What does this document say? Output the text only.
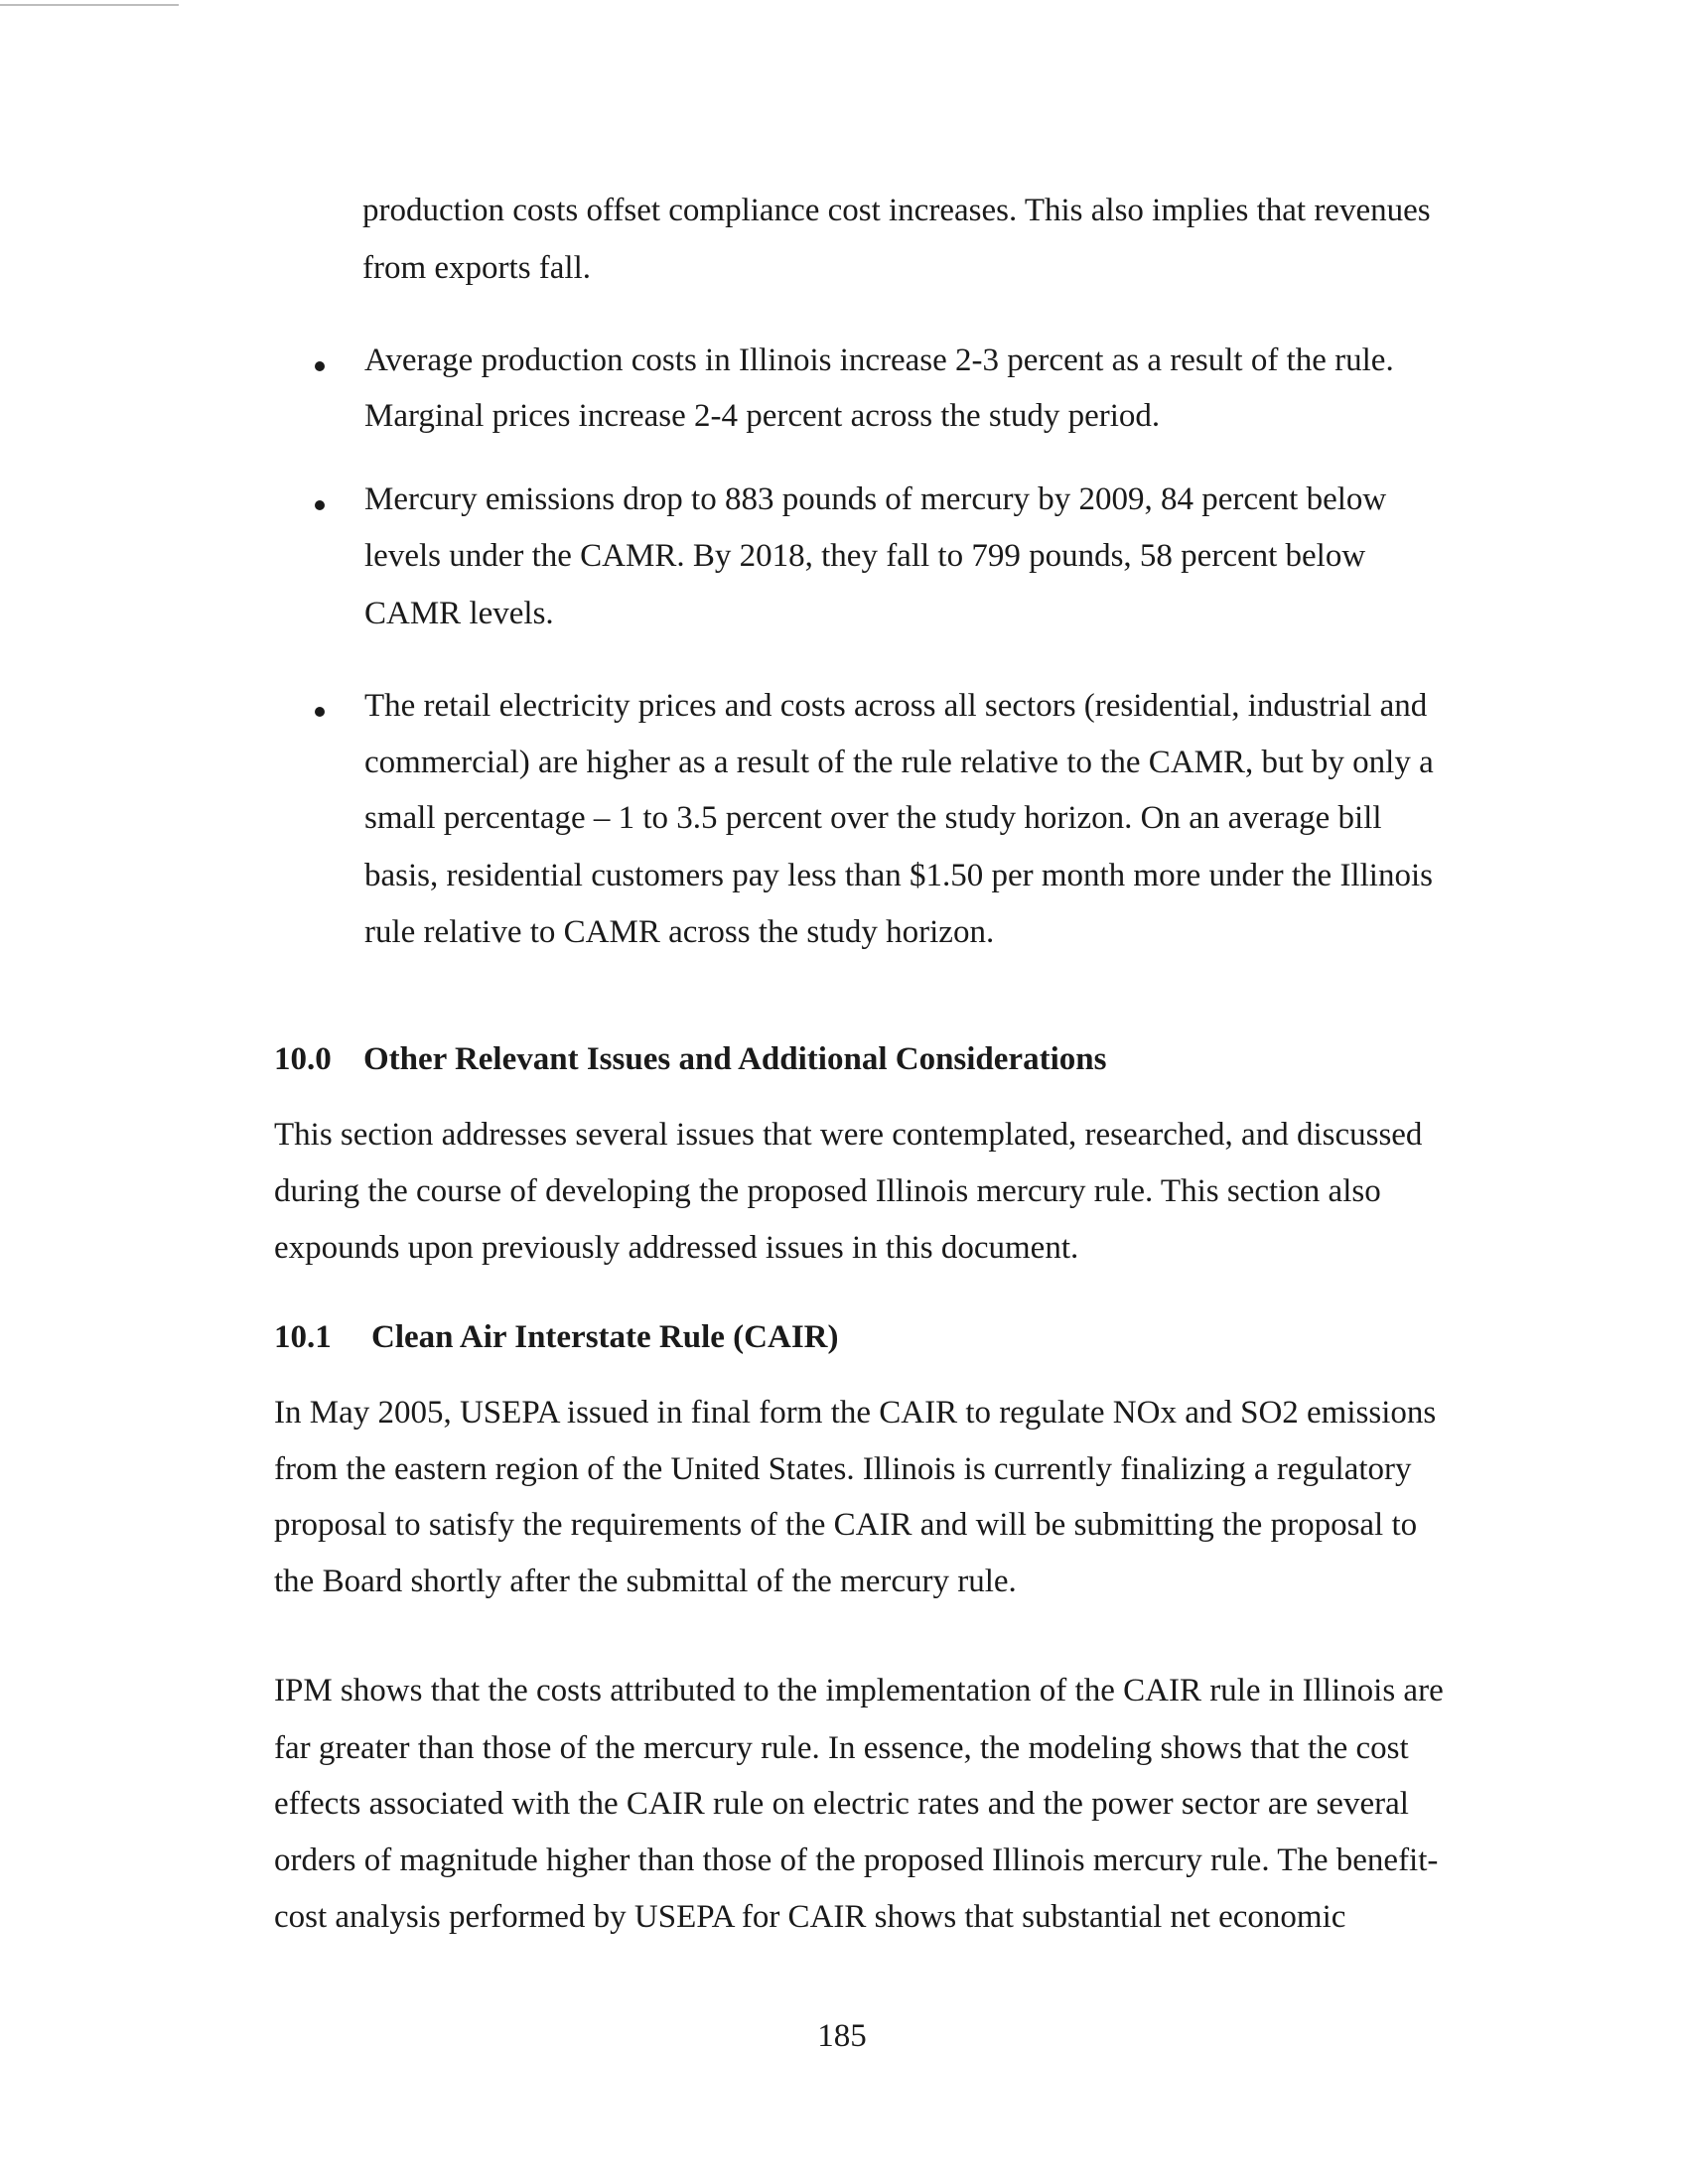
production costs offset compliance cost increases. This also implies that revenues
from exports fall.
Average production costs in Illinois increase 2-3 percent as a result of the rule.
Marginal prices increase 2-4 percent across the study period.
Mercury emissions drop to 883 pounds of mercury by 2009, 84 percent below
levels under the CAMR. By 2018, they fall to 799 pounds, 58 percent below
CAMR levels.
The retail electricity prices and costs across all sectors (residential, industrial and
commercial) are higher as a result of the rule relative to the CAMR, but by only a
small percentage – 1 to 3.5 percent over the study horizon. On an average bill
basis, residential customers pay less than $1.50 per month more under the Illinois
rule relative to CAMR across the study horizon.
10.0 Other Relevant Issues and Additional Considerations
This section addresses several issues that were contemplated, researched, and discussed
during the course of developing the proposed Illinois mercury rule. This section also
expounds upon previously addressed issues in this document.
10.1 Clean Air Interstate Rule (CAIR)
In May 2005, USEPA issued in final form the CAIR to regulate NOx and SO2 emissions
from the eastern region of the United States. Illinois is currently finalizing a regulatory
proposal to satisfy the requirements of the CAIR and will be submitting the proposal to
the Board shortly after the submittal of the mercury rule.
IPM shows that the costs attributed to the implementation of the CAIR rule in Illinois are
far greater than those of the mercury rule. In essence, the modeling shows that the cost
effects associated with the CAIR rule on electric rates and the power sector are several
orders of magnitude higher than those of the proposed Illinois mercury rule. The benefit-
cost analysis performed by USEPA for CAIR shows that substantial net economic
185
